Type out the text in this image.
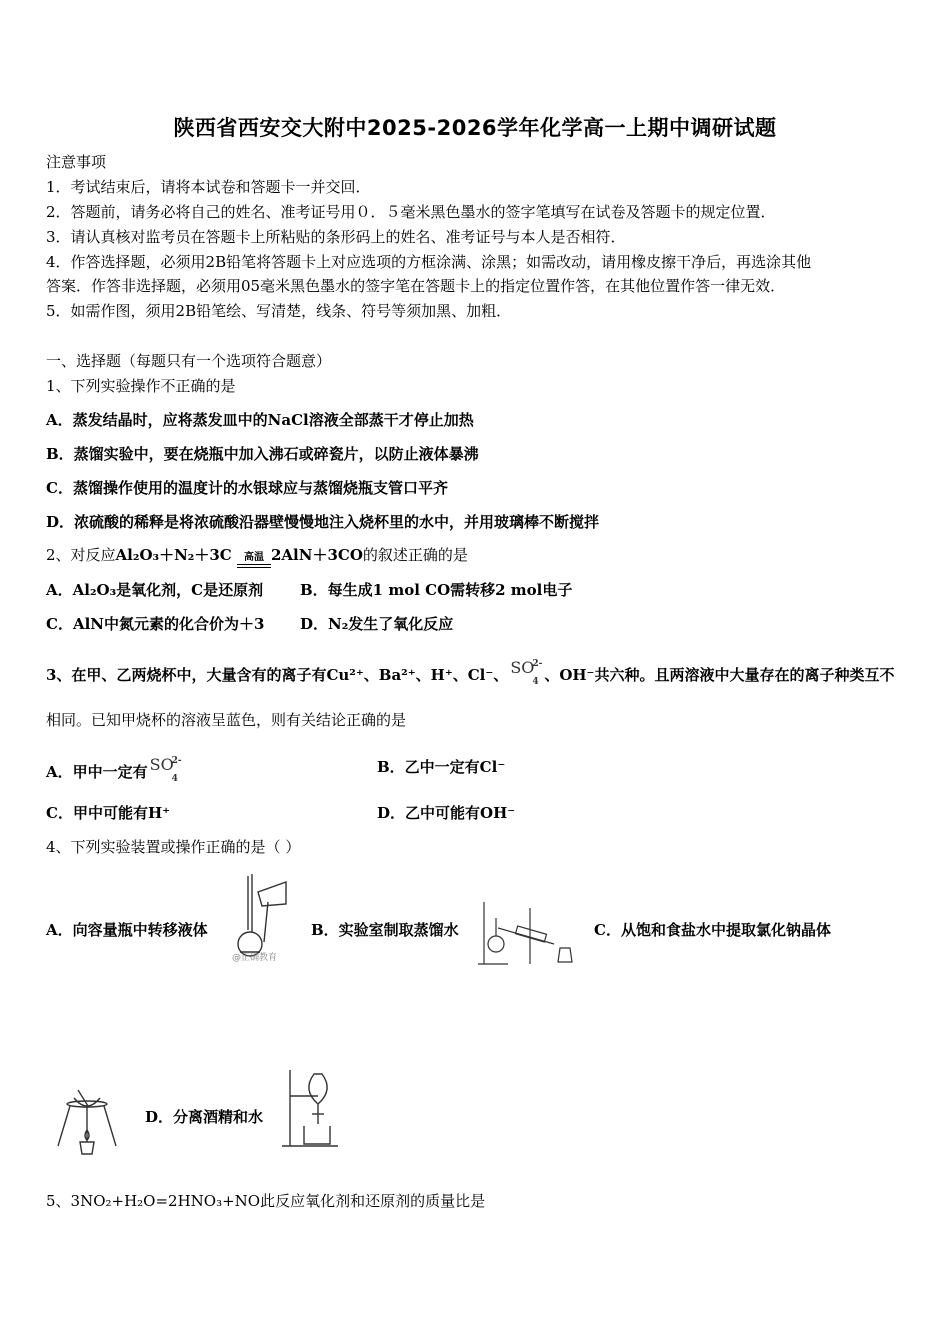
陕西省西安交大附中2025-2026学年化学高一上期中调研试题
注意事项
1．考试结束后，请将本试卷和答题卡一并交回．
2．答题前，请务必将自己的姓名、准考证号用０．５毫米黑色墨水的签字笔填写在试卷及答题卡的规定位置．
3．请认真核对监考员在答题卡上所粘贴的条形码上的姓名、准考证号与本人是否相符．
4．作答选择题，必须用2B铅笔将答题卡上对应选项的方框涂满、涂黑；如需改动，请用橡皮擦干净后，再选涂其他
答案．作答非选择题，必须用05毫米黑色墨水的签字笔在答题卡上的指定位置作答，在其他位置作答一律无效．
5．如需作图，须用2B铅笔绘、写清楚，线条、符号等须加黑、加粗．
一、选择题（每题只有一个选项符合题意）
1、下列实验操作不正确的是
A．蒸发结晶时，应将蒸发皿中的NaCl溶液全部蒸干才停止加热
B．蒸馏实验中，要在烧瓶中加入沸石或碎瓷片，以防止液体暴沸
C．蒸馏操作使用的温度计的水银球应与蒸馏烧瓶支管口平齐
D．浓硫酸的稀释是将浓硫酸沿器壁慢慢地注入烧杯里的水中，并用玻璃棒不断搅拌
2、对反应Al₂O₃＋N₂＋3C	高温 2AlN＋3CO的叙述正确的是
A．Al₂O₃是氧化剂，C是还原剂 B．每生成1 mol CO需转移2 mol电子
C．AlN中氮元素的化合价为＋3 D．N₂发生了氧化反应
3、在甲、乙两烧杯中，大量含有的离子有Cu²⁺、Ba²⁺、H⁺、Cl⁻、 SO
2-
4 、OH⁻共六种。且两溶液中大量存在的离子种类互不
相同。已知甲烧杯的溶液呈蓝色，则有关结论正确的是
A．甲中一定有 SO
2-
4
B．乙中一定有Cl⁻
C．甲中可能有H⁺	D．乙中可能有OH⁻
4、下列实验装置或操作正确的是（ ）
A．向容量瓶中转移液体
@正确教育
B．实验室制取蒸馏水	C．从饱和食盐水中提取氯化钠晶体
D．分离酒精和水
5、3NO₂+H₂O=2HNO₃+NO此反应氧化剂和还原剂的质量比是
